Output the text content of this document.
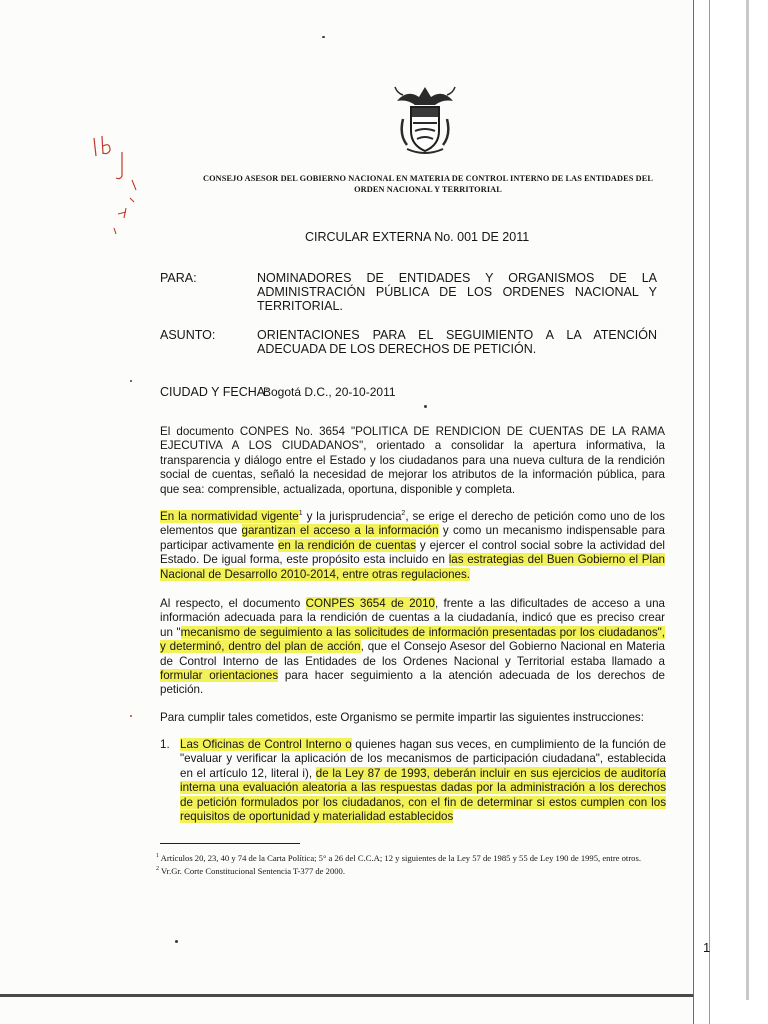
CONSEJO ASESOR DEL GOBIERNO NACIONAL EN MATERIA DE CONTROL INTERNO DE LAS ENTIDADES DEL
ORDEN NACIONAL Y TERRITORIAL
CIRCULAR EXTERNA No. 001 DE 2011
PARA:	NOMINADORES DE ENTIDADES Y ORGANISMOS DE LA ADMINISTRACIÓN PÚBLICA DE LOS ORDENES NACIONAL Y TERRITORIAL.
ASUNTO:	ORIENTACIONES PARA EL SEGUIMIENTO A LA ATENCIÓN ADECUADA DE LOS DERECHOS DE PETICIÓN.
CIUDAD Y FECHA:
Bogotá D.C., 20-10-2011
El documento CONPES No. 3654 "POLITICA DE RENDICION DE CUENTAS DE LA RAMA EJECUTIVA A LOS CIUDADANOS", orientado a consolidar la apertura informativa, la transparencia y diálogo entre el Estado y los ciudadanos para una nueva cultura de la rendición social de cuentas, señaló la necesidad de mejorar los atributos de la información pública, para que sea: comprensible, actualizada, oportuna, disponible y completa.
En la normatividad vigente$^1$ y la jurisprudencia$^2$, se erige el derecho de petición como uno de los elementos que garantizan el acceso a la información y como un mecanismo indispensable para participar activamente en la rendición de cuentas y ejercer el control social sobre la actividad del Estado. De igual forma, este propósito esta incluido en las estrategias del Buen Gobierno el Plan Nacional de Desarrollo 2010-2014, entre otras regulaciones.
Al respecto, el documento CONPES 3654 de 2010, frente a las dificultades de acceso a una información adecuada para la rendición de cuentas a la ciudadanía, indicó que es preciso crear un "mecanismo de seguimiento a las solicitudes de información presentadas por los ciudadanos", y determinó, dentro del plan de acción, que el Consejo Asesor del Gobierno Nacional en Materia de Control Interno de las Entidades de los Ordenes Nacional y Territorial estaba llamado a formular orientaciones para hacer seguimiento a la atención adecuada de los derechos de petición.
Para cumplir tales cometidos, este Organismo se permite impartir las siguientes instrucciones:
1. Las Oficinas de Control Interno o quienes hagan sus veces, en cumplimiento de la función de "evaluar y verificar la aplicación de los mecanismos de participación ciudadana", establecida en el artículo 12, literal i), de la Ley 87 de 1993, deberán incluir en sus ejercicios de auditoría interna una evaluación aleatoria a las respuestas dadas por la administración a los derechos de petición formulados por los ciudadanos, con el fin de determinar si estos cumplen con los requisitos de oportunidad y materialidad establecidos
$^1$ Artículos 20, 23, 40 y 74 de la Carta Política; 5° a 26 del C.C.A; 12 y siguientes de la Ley 57 de 1985 y 55 de Ley 190 de 1995, entre otros.
$^2$ Vr.Gr. Corte Constitucional Sentencia T-377 de 2000.
1
